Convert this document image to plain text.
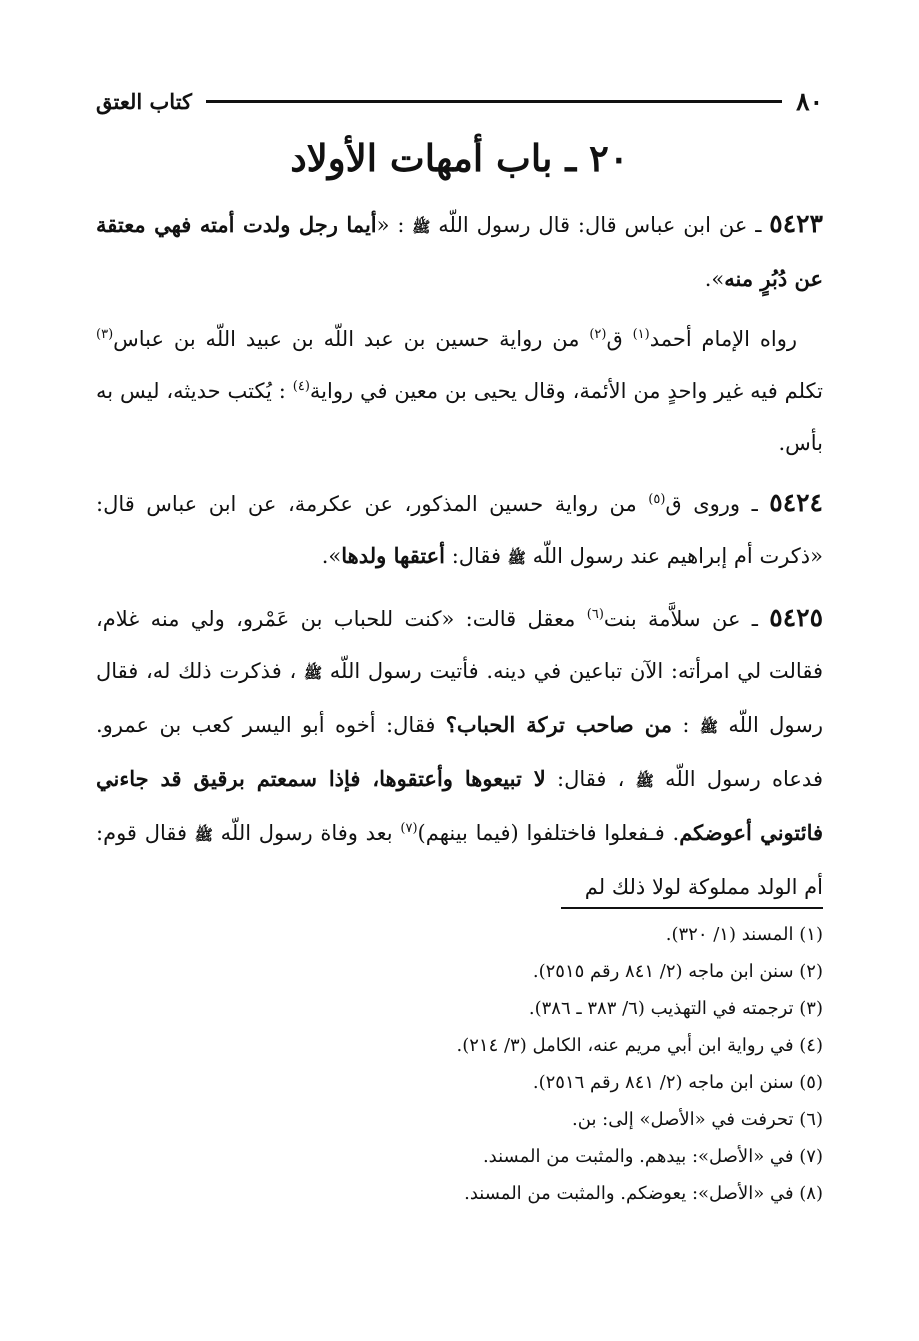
٨٠
كتاب العتق
٢٠ ـ باب أمهات الأولاد

٥٤٢٣ ـ عن ابن عباس قال: قال رسول اللّه ﷺ : «أيما رجل ولدت أمته فهي معتقة عن دُبُرٍ منه».

رواه الإمام أحمد$^{(١)}$ ق$^{(٢)}$ من رواية حسين بن عبد اللّه بن عبيد اللّه بن عباس$^{(٣)}$ تكلم فيه غير واحدٍ من الأئمة، وقال يحيى بن معين في رواية$^{(٤)}$ : يُكتب حديثه، ليس به بأس.

٥٤٢٤ ـ وروى ق$^{(٥)}$ من رواية حسين المذكور، عن عكرمة، عن ابن عباس قال: «ذكرت أم إبراهيم عند رسول اللّه ﷺ فقال: أعتقها ولدها».

٥٤٢٥ ـ عن سلاَّمة بنت$^{(٦)}$ معقل قالت: «كنت للحباب بن عَمْرو، ولي منه غلام، فقالت لي امرأته: الآن تباعين في دينه. فأتيت رسول اللّه ﷺ ، فذكرت ذلك له، فقال رسول اللّه ﷺ : من صاحب تركة الحباب؟ فقال: أخوه أبو اليسر كعب بن عمرو. فدعاه رسول اللّه ﷺ ، فقال: لا تبيعوها وأعتقوها، فإذا سمعتم برقيق قد جاءني فائتوني أعوضكم. فـفعلوا فاختلفوا (فيما بينهم)$^{(٧)}$ بعد وفاة رسول اللّه ﷺ فقال قوم: أم الولد مملوكة لولا ذلك لم

(١) المسند (١/ ٣٢٠).
(٢) سنن ابن ماجه (٢/ ٨٤١ رقم ٢٥١٥).
(٣) ترجمته في التهذيب (٦/ ٣٨٣ ـ ٣٨٦).
(٤) في رواية ابن أبي مريم عنه، الكامل (٣/ ٢١٤).
(٥) سنن ابن ماجه (٢/ ٨٤١ رقم ٢٥١٦).
(٦) تحرفت في «الأصل» إلى: بن.
(٧) في «الأصل»: بيدهم. والمثبت من المسند.
(٨) في «الأصل»: يعوضكم. والمثبت من المسند.
